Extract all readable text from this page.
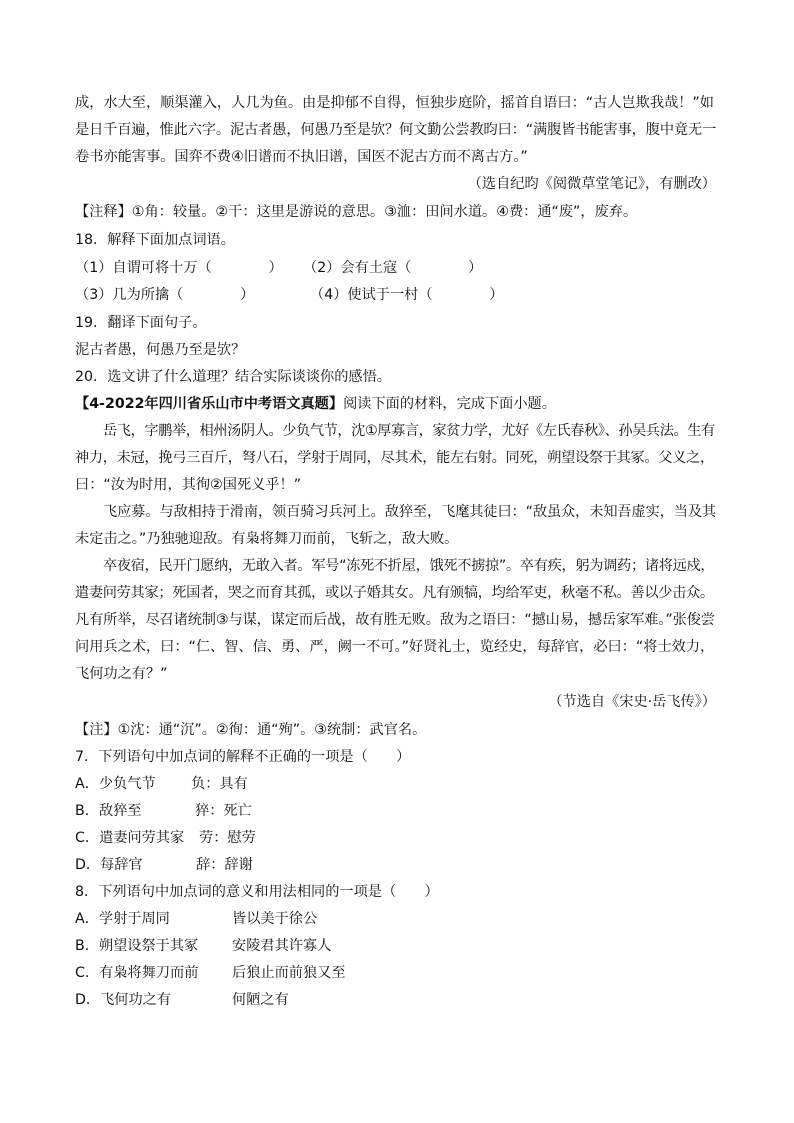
成，水大至，顺渠灌入，人几为鱼。由是抑郁不自得，恒独步庭阶，摇首自语曰：“古人岂欺我哉！”如
是日千百遍，惟此六字。泥古者愚，何愚乃至是欤？何文勤公尝教昀曰：“满腹皆书能害事，腹中竟无一
卷书亦能害事。国弈不费④旧谱而不执旧谱，国医不泥古方而不离古方。”
（选自纪昀《阅微草堂笔记》，有删改）
【注释】①角：较量。②干：这里是游说的意思。③洫：田间水道。④费：通“废”，废弃。
18．解释下面加点词语。
（1）自谓可将十万（　　　　） （2）会有土寇（　　　　）
（3）几为所擒（　　　　）	（4）使试于一村（　　　　）
19．翻译下面句子。
泥古者愚，何愚乃至是欤？
20．选文讲了什么道理？结合实际谈谈你的感悟。
【4-2022年四川省乐山市中考语文真题】阅读下面的材料，完成下面小题。
岳飞，字鹏举，相州汤阴人。少负气节，沈①厚寡言，家贫力学，尤好《左氏春秋》、孙吴兵法。生有
神力，未冠，挽弓三百斤，弩八石，学射于周同，尽其术，能左右射。同死，朔望设祭于其冢。父义之，
曰：“汝为时用，其徇②国死义乎！”
飞应募。与敌相持于滑南，领百骑习兵河上。敌猝至，飞麾其徒曰：“敌虽众，未知吾虚实，当及其
未定击之。”乃独驰迎敌。有枭将舞刀而前，飞斩之，敌大败。
卒夜宿，民开门愿纳，无敢入者。军号“冻死不折屋，饿死不掳掠”。卒有疾，躬为调药；诸将远戍，
遣妻问劳其家；死国者，哭之而育其孤，或以子婚其女。凡有颁犒，均给军吏，秋毫不私。善以少击众。
凡有所举，尽召诸统制③与谋，谋定而后战，故有胜无败。敌为之语曰：“撼山易，撼岳家军难。”张俊尝
问用兵之术，曰：“仁、智、信、勇、严，阙一不可。”好贤礼士，览经史，每辞官，必曰：“将士效力，
飞何功之有？”
（节选自《宋史·岳飞传》）
【注】①沈：通“沉”。②徇：通“殉”。③统制：武官名。
7．下列语句中加点词的解释不正确的一项是（　　）
A．少负气节 负：具有
B．敌猝至	猝：死亡
C．遣妻问劳其家 劳：慰劳
D．每辞官	辞：辞谢
8．下列语句中加点词的意义和用法相同的一项是（　　）
A．学射于周同	皆以美于徐公
B．朔望设祭于其冢 安陵君其许寡人
C．有枭将舞刀而前 后狼止而前狼又至
D．飞何功之有	何陋之有
